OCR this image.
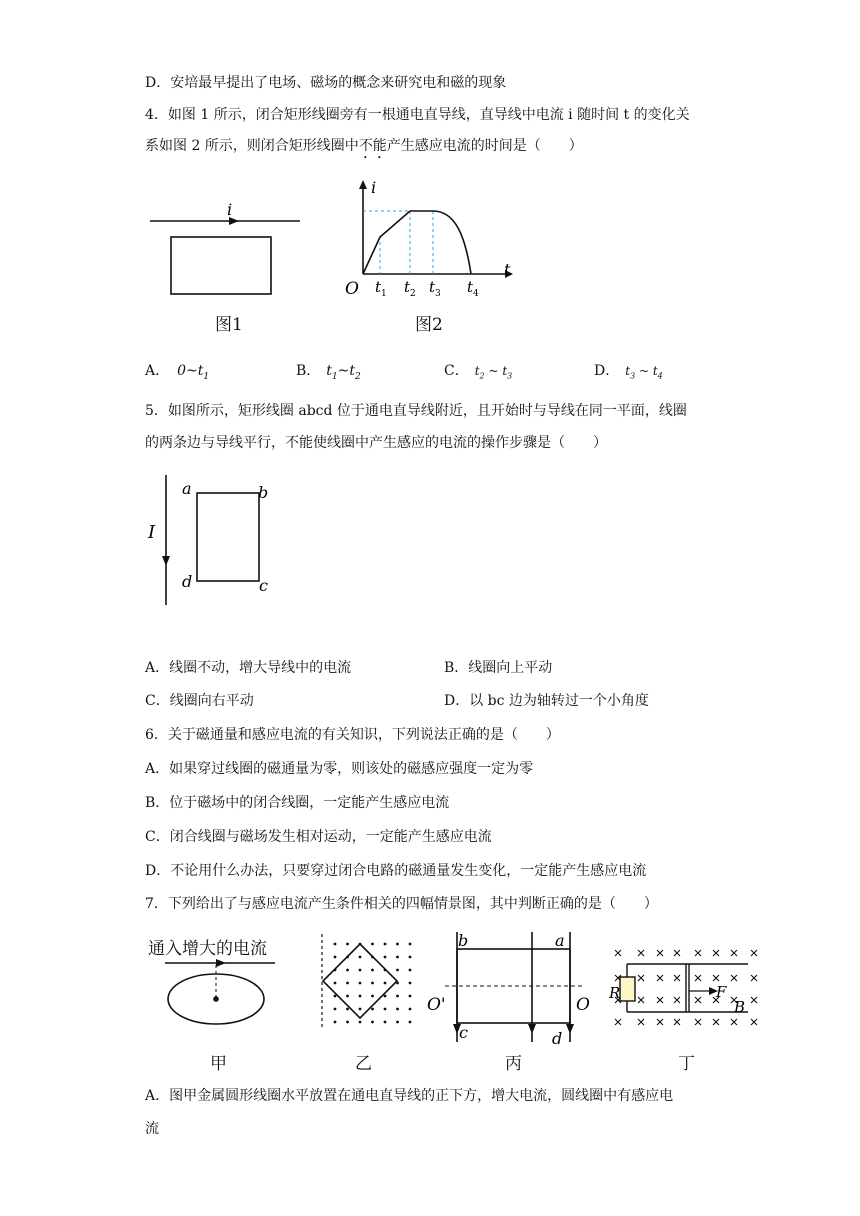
D．安培最早提出了电场、磁场的概念来研究电和磁的现象
4．如图 1 所示，闭合矩形线圈旁有一根通电直导线，直导线中电流 i 随时间 t 的变化关
系如图 2 所示，则闭合矩形线圈中不能产生感应电流的时间是（　　）
i
图1
i
t
O $t_1$ $t_2$ $t_3$ $t_4$
图2
A． $0\sim t_1$	B． $t_1\sim t_2$	C． $t_2$ ~ $t_3$	D． $t_3$ ~ $t_4$
5．如图所示，矩形线圈 abcd 位于通电直导线附近，且开始时与导线在同一平面，线圈
的两条边与导线平行，不能使线圈中产生感应的电流的操作步骤是（　　）
I
a	b
c
d
A．线圈不动，增大导线中的电流	B．线圈向上平动
C．线圈向右平动	D．以 bc 边为轴转过一个小角度
6．关于磁通量和感应电流的有关知识，下列说法正确的是（　　）
A．如果穿过线圈的磁通量为零，则该处的磁感应强度一定为零
B．位于磁场中的闭合线圈，一定能产生感应电流
C．闭合线圈与磁场发生相对运动，一定能产生感应电流
D．不论用什么办法，只要穿过闭合电路的磁通量发生变化，一定能产生感应电流
7．下列给出了与感应电流产生条件相关的四幅情景图，其中判断正确的是（　　）
通入增大的电流	b	a
c	d
O'	O
R	F
B
甲	乙	丙	丁
A．图甲金属圆形线圈水平放置在通电直导线的正下方，增大电流，圆线圈中有感应电
流
